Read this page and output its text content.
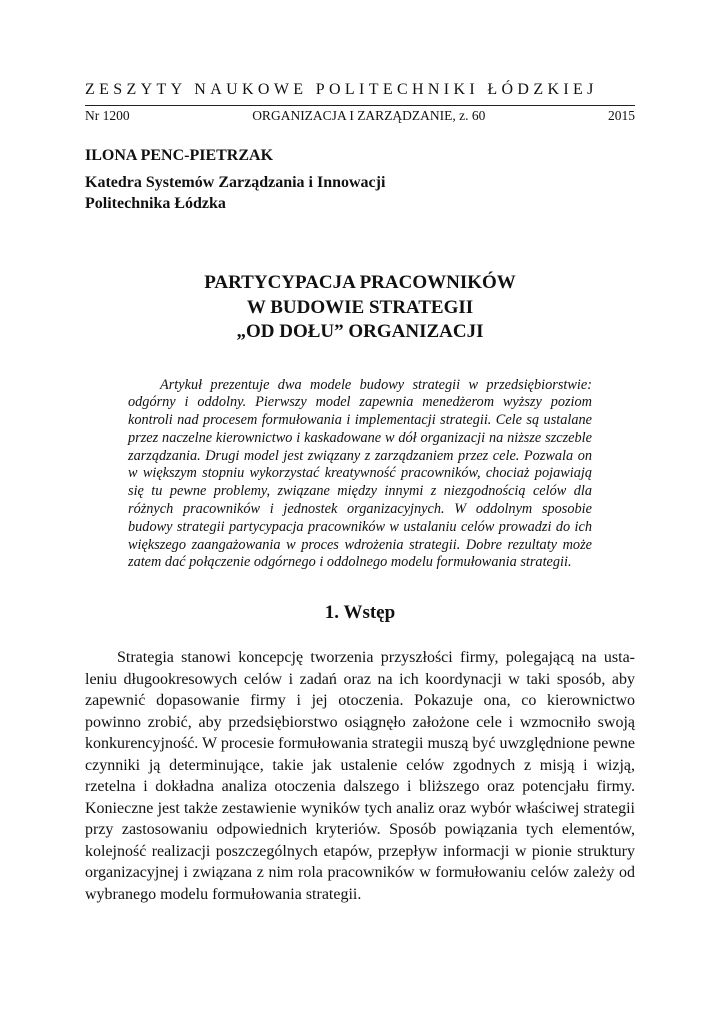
ZESZYTY NAUKOWE POLITECHNIKI ŁÓDZKIEJ
Nr 1200	ORGANIZACJA I ZARZĄDZANIE, z. 60	2015
ILONA PENC-PIETRZAK
Katedra Systemów Zarządzania i Innowacji
Politechnika Łódzka
PARTYCYPACJA PRACOWNIKÓW
W BUDOWIE STRATEGII
„OD DOŁU” ORGANIZACJI

Artykuł prezentuje dwa modele budowy strategii w przedsiębiorstwie: odgórny i oddolny. Pierwszy model zapewnia menedżerom wyższy poziom kontroli nad procesem formułowania i implementacji strategii. Cele są ustalane przez naczelne kierownictwo i kaskadowane w dół organizacji na niższe szczeble zarządzania. Drugi model jest związany z zarządzaniem przez cele. Pozwala on w większym stopniu wykorzystać kreatywność pracowników, chociaż pojawiają się tu pewne problemy, związane między innymi z niezgodnością celów dla różnych pracowników i jednostek organizacyjnych. W oddolnym sposobie budowy strategii partycypacja pracowników w ustalaniu celów prowadzi do ich większego zaangażowania w proces wdrożenia strategii. Dobre rezultaty może zatem dać połączenie odgórnego i oddolnego modelu formułowania strategii.

1. Wstęp

Strategia stanowi koncepcję tworzenia przyszłości firmy, polegającą na ustaleniu długookresowych celów i zadań oraz na ich koordynacji w taki sposób, aby zapewnić dopasowanie firmy i jej otoczenia. Pokazuje ona, co kierownictwo powinno zrobić, aby przedsiębiorstwo osiągnęło założone cele i wzmocniło swoją konkurencyjność. W procesie formułowania strategii muszą być uwzględnione pewne czynniki ją determinujące, takie jak ustalenie celów zgodnych z misją i wizją, rzetelna i dokładna analiza otoczenia dalszego i bliższego oraz potencjału firmy. Konieczne jest także zestawienie wyników tych analiz oraz wybór właściwej strategii przy zastosowaniu odpowiednich kryteriów. Sposób powiązania tych elementów, kolejność realizacji poszczególnych etapów, przepływ informacji w pionie struktury organizacyjnej i związana z nim rola pracowników w formułowaniu celów zależy od wybranego modelu formułowania strategii.
